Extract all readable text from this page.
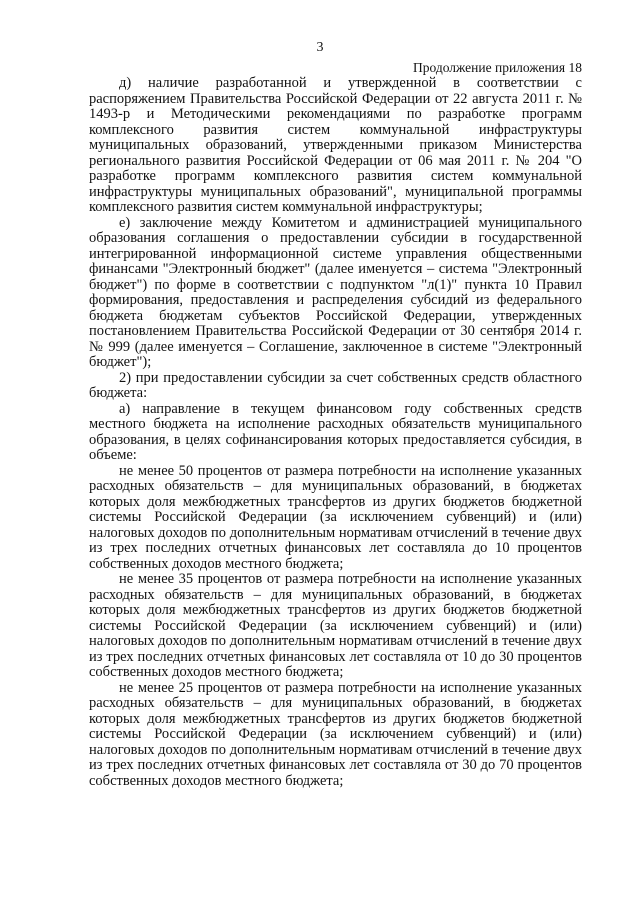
3
Продолжение приложения 18

д) наличие разработанной и утвержденной в соответствии с распоряжением Правительства Российской Федерации от 22 августа 2011 г. № 1493-р и Методическими рекомендациями по разработке программ комплексного развития систем коммунальной инфраструктуры муниципальных образований, утвержденными приказом Министерства регионального развития Российской Федерации от 06 мая 2011 г. № 204 "О разработке программ комплексного развития систем коммунальной инфраструктуры муниципальных образований", муниципальной программы комплексного развития систем коммунальной инфраструктуры;

е) заключение между Комитетом и администрацией муниципального образования соглашения о предоставлении субсидии в государственной интегрированной информационной системе управления общественными финансами "Электронный бюджет" (далее именуется – система "Электронный бюджет") по форме в соответствии с подпунктом "л(1)" пункта 10 Правил формирования, предоставления и распределения субсидий из федерального бюджета бюджетам субъектов Российской Федерации, утвержденных постановлением Правительства Российской Федерации от 30 сентября 2014 г. № 999 (далее именуется – Соглашение, заключенное в системе "Электронный бюджет");

2) при предоставлении субсидии за счет собственных средств областного бюджета:

а) направление в текущем финансовом году собственных средств местного бюджета на исполнение расходных обязательств муниципального образования, в целях софинансирования которых предоставляется субсидия, в объеме:

не менее 50 процентов от размера потребности на исполнение указанных расходных обязательств – для муниципальных образований, в бюджетах которых доля межбюджетных трансфертов из других бюджетов бюджетной системы Российской Федерации (за исключением субвенций) и (или) налоговых доходов по дополнительным нормативам отчислений в течение двух из трех последних отчетных финансовых лет составляла до 10 процентов собственных доходов местного бюджета;

не менее 35 процентов от размера потребности на исполнение указанных расходных обязательств – для муниципальных образований, в бюджетах которых доля межбюджетных трансфертов из других бюджетов бюджетной системы Российской Федерации (за исключением субвенций) и (или) налоговых доходов по дополнительным нормативам отчислений в течение двух из трех последних отчетных финансовых лет составляла от 10 до 30 процентов собственных доходов местного бюджета;

не менее 25 процентов от размера потребности на исполнение указанных расходных обязательств – для муниципальных образований, в бюджетах которых доля межбюджетных трансфертов из других бюджетов бюджетной системы Российской Федерации (за исключением субвенций) и (или) налоговых доходов по дополнительным нормативам отчислений в течение двух из трех последних отчетных финансовых лет составляла от 30 до 70 процентов собственных доходов местного бюджета;
